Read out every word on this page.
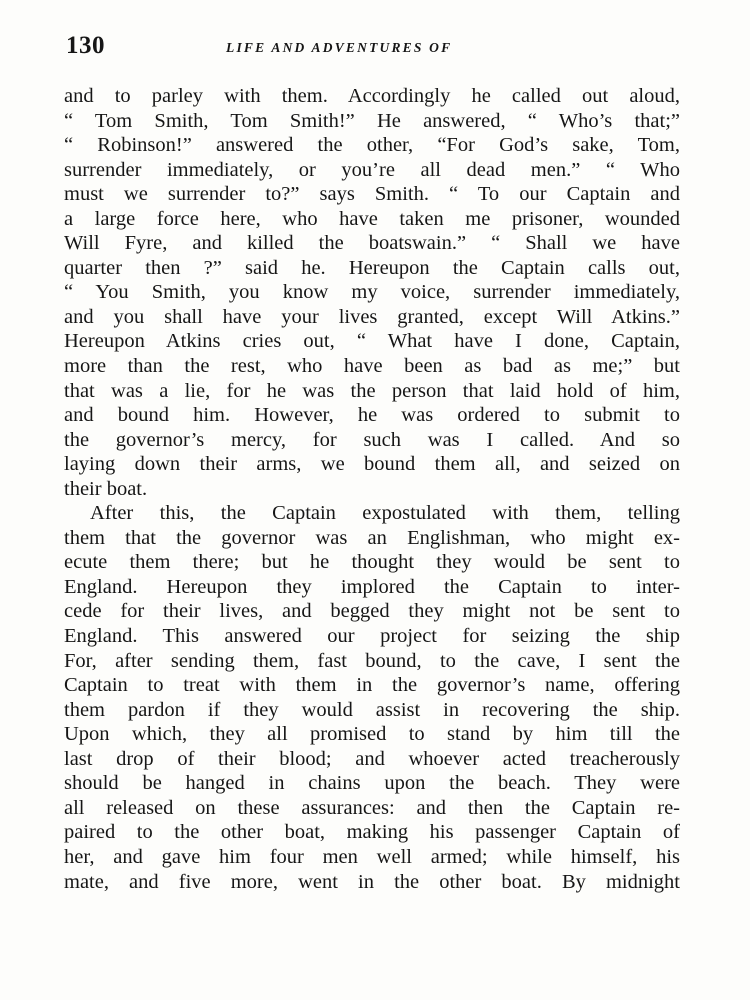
130	LIFE AND ADVENTURES OF
and to parley with them. Accordingly he called out aloud,
“ Tom Smith, Tom Smith!” He answered, “ Who’s that;”
“ Robinson!” answered the other, “For God’s sake, Tom,
surrender immediately, or you’re all dead men.” “ Who
must we surrender to?” says Smith. “ To our Captain and
a large force here, who have taken me prisoner, wounded
Will Fyre, and killed the boatswain.” “ Shall we have
quarter then ?” said he. Hereupon the Captain calls out,
“ You Smith, you know my voice, surrender immediately,
and you shall have your lives granted, except Will Atkins.”
Hereupon Atkins cries out, “ What have I done, Captain,
more than the rest, who have been as bad as me;” but
that was a lie, for he was the person that laid hold of him,
and bound him. However, he was ordered to submit to
the governor’s mercy, for such was I called. And so
laying down their arms, we bound them all, and seized on
their boat.
After this, the Captain expostulated with them, telling
them that the governor was an Englishman, who might ex-
ecute them there; but he thought they would be sent to
England. Hereupon they implored the Captain to inter-
cede for their lives, and begged they might not be sent to
England. This answered our project for seizing the ship
For, after sending them, fast bound, to the cave, I sent the
Captain to treat with them in the governor’s name, offering
them pardon if they would assist in recovering the ship.
Upon which, they all promised to stand by him till the
last drop of their blood; and whoever acted treacherously
should be hanged in chains upon the beach. They were
all released on these assurances: and then the Captain re-
paired to the other boat, making his passenger Captain of
her, and gave him four men well armed; while himself, his
mate, and five more, went in the other boat. By midnight
